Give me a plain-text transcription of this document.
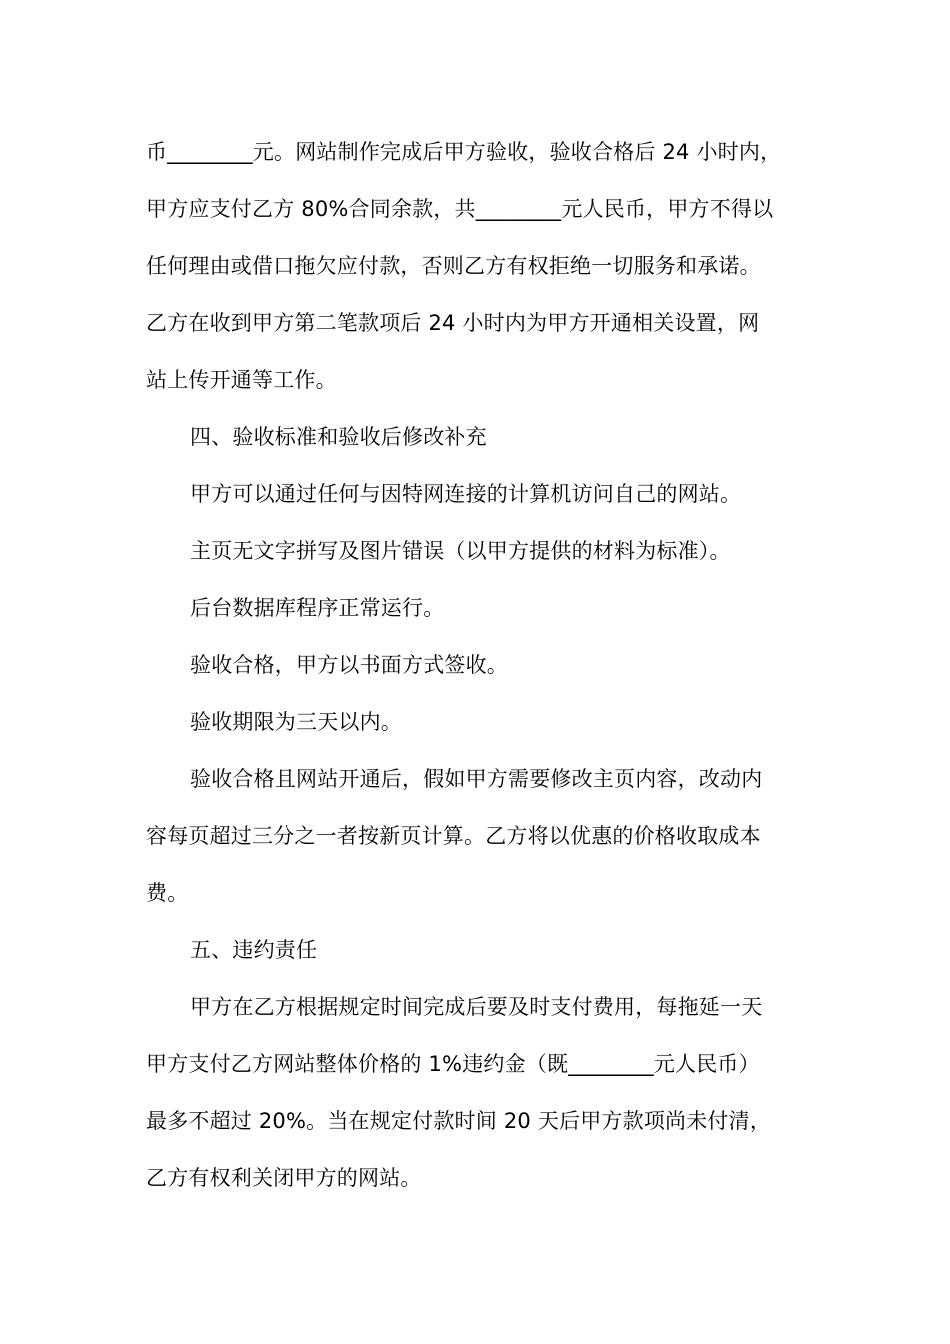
币________元。网站制作完成后甲方验收，验收合格后 24 小时内，
甲方应支付乙方 80%合同余款，共________元人民币，甲方不得以
任何理由或借口拖欠应付款，否则乙方有权拒绝一切服务和承诺。
乙方在收到甲方第二笔款项后 24 小时内为甲方开通相关设置，网
站上传开通等工作。
四、验收标准和验收后修改补充
甲方可以通过任何与因特网连接的计算机访问自己的网站。
主页无文字拼写及图片错误（以甲方提供的材料为标准）。
后台数据库程序正常运行。
验收合格，甲方以书面方式签收。
验收期限为三天以内。
验收合格且网站开通后，假如甲方需要修改主页内容，改动内
容每页超过三分之一者按新页计算。乙方将以优惠的价格收取成本
费。
五、违约责任
甲方在乙方根据规定时间完成后要及时支付费用，每拖延一天
甲方支付乙方网站整体价格的 1%违约金（既________元人民币）
最多不超过 20%。当在规定付款时间 20 天后甲方款项尚未付清，
乙方有权利关闭甲方的网站。
